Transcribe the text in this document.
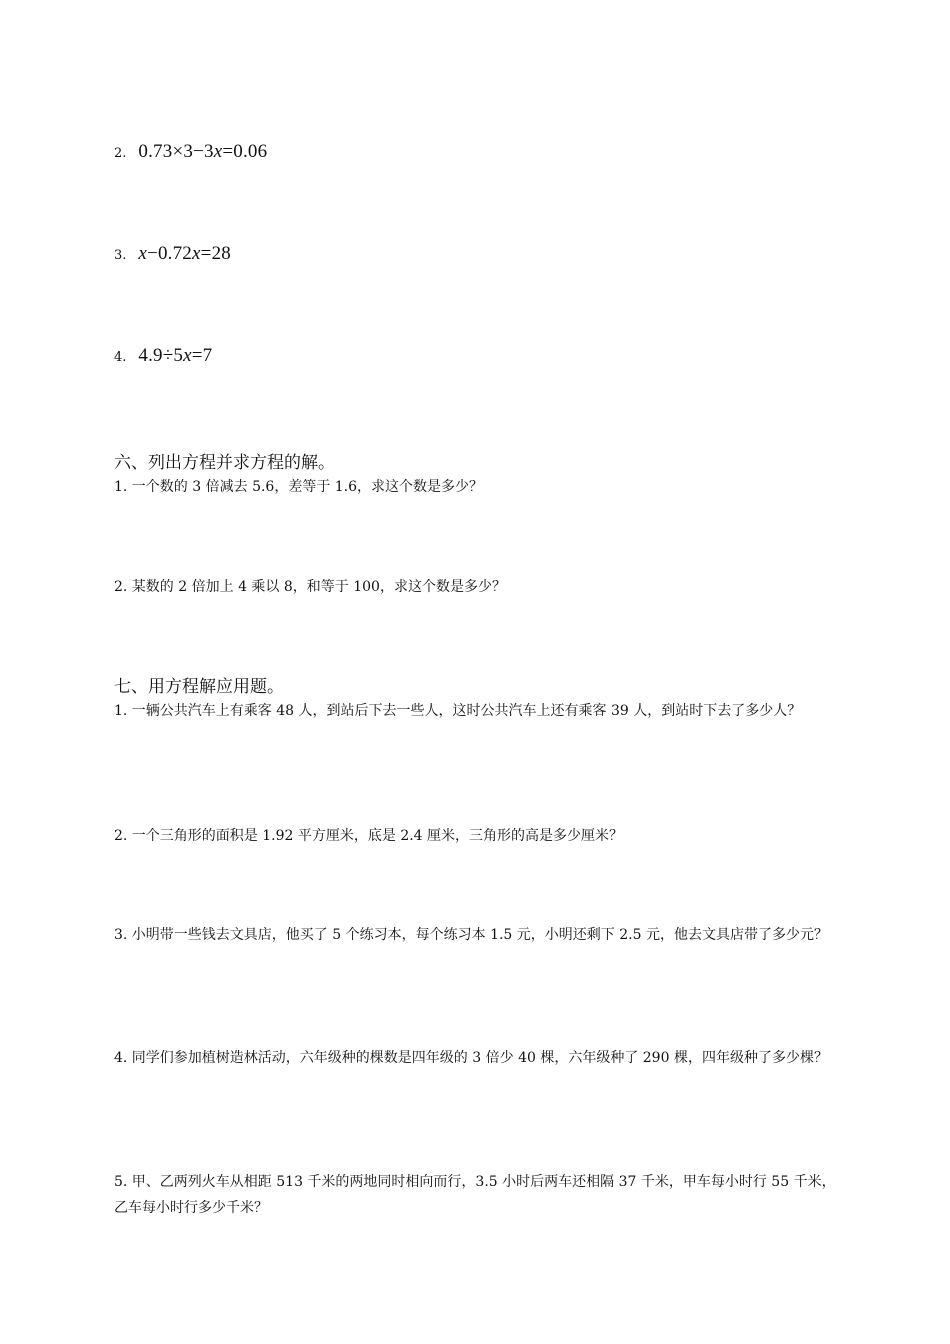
2. 0.73×3−3x=0.06
3. x−0.72x=28
4. 4.9÷5x=7
六、列出方程并求方程的解。
1. 一个数的 3 倍减去 5.6，差等于 1.6，求这个数是多少？
2. 某数的 2 倍加上 4 乘以 8，和等于 100，求这个数是多少？
七、用方程解应用题。
1. 一辆公共汽车上有乘客 48 人，到站后下去一些人，这时公共汽车上还有乘客 39 人，到站时下去了多少人？
2. 一个三角形的面积是 1.92 平方厘米，底是 2.4 厘米，三角形的高是多少厘米？
3. 小明带一些钱去文具店，他买了 5 个练习本，每个练习本 1.5 元，小明还剩下 2.5 元，他去文具店带了多少元？
4. 同学们参加植树造林活动，六年级种的棵数是四年级的 3 倍少 40 棵，六年级种了 290 棵，四年级种了多少棵？
5. 甲、乙两列火车从相距 513 千米的两地同时相向而行，3.5 小时后两车还相隔 37 千米，甲车每小时行 55 千米，乙车每小时行多少千米？
